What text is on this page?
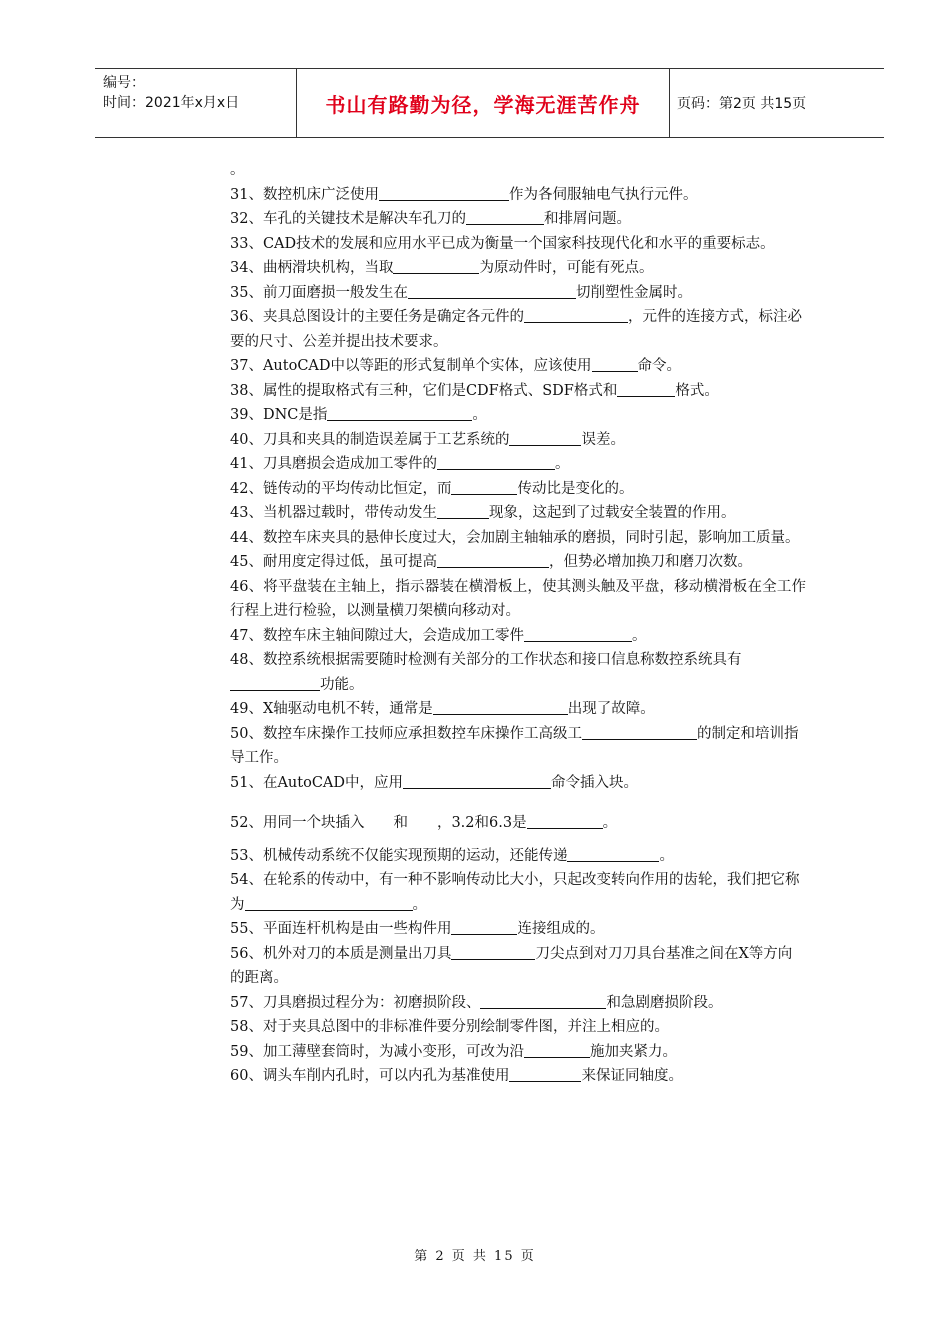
编号：
时间：2021年x月x日	书山有路勤为径，学海无涯苦作舟	页码：第2页 共15页
。
31、数控机床广泛使用	作为各伺服轴电气执行元件。
32、车孔的关键技术是解决车孔刀的	和排屑问题。
33、CAD技术的发展和应用水平已成为衡量一个国家科技现代化和水平的重要标志。
34、曲柄滑块机构，当取	为原动件时，可能有死点。
35、前刀面磨损一般发生在	切削塑性金属时。
36、夹具总图设计的主要任务是确定各元件的	，元件的连接方式，标注必要的尺寸、公差并提出技术要求。
37、AutoCAD中以等距的形式复制单个实体，应该使用	命令。
38、属性的提取格式有三种，它们是CDF格式、SDF格式和	格式。
39、DNC是指	。
40、刀具和夹具的制造误差属于工艺系统的	误差。
41、刀具磨损会造成加工零件的	。
42、链传动的平均传动比恒定，而	传动比是变化的。
43、当机器过载时，带传动发生	现象，这起到了过载安全装置的作用。
44、数控车床夹具的悬伸长度过大，会加剧主轴轴承的磨损，同时引起，影响加工质量。
45、耐用度定得过低，虽可提高	，但势必增加换刀和磨刀次数。
46、将平盘装在主轴上，指示器装在横滑板上，使其测头触及平盘，移动横滑板在全工作行程上进行检验，以测量横刀架横向移动对。
47、数控车床主轴间隙过大，会造成加工零件	。
48、数控系统根据需要随时检测有关部分的工作状态和接口信息称数控系统具有
功能。
49、X轴驱动电机不转，通常是	出现了故障。
50、数控车床操作工技师应承担数控车床操作工高级工	的制定和培训指导工作。
51、在AutoCAD中，应用	命令插入块。
52、用同一个块插入　　和　　，3.2和6.3是	。
53、机械传动系统不仅能实现预期的运动，还能传递	。
54、在轮系的传动中，有一种不影响传动比大小，只起改变转向作用的齿轮，我们把它称为	。
55、平面连杆机构是由一些构件用	连接组成的。
56、机外对刀的本质是测量出刀具	刀尖点到对刀刀具台基准之间在X等方向的距离。
57、刀具磨损过程分为：初磨损阶段、	和急剧磨损阶段。
58、对于夹具总图中的非标准件要分别绘制零件图，并注上相应的。
59、加工薄壁套筒时，为减小变形，可改为沿	施加夹紧力。
60、调头车削内孔时，可以内孔为基准使用	来保证同轴度。
第 2 页 共 15 页
